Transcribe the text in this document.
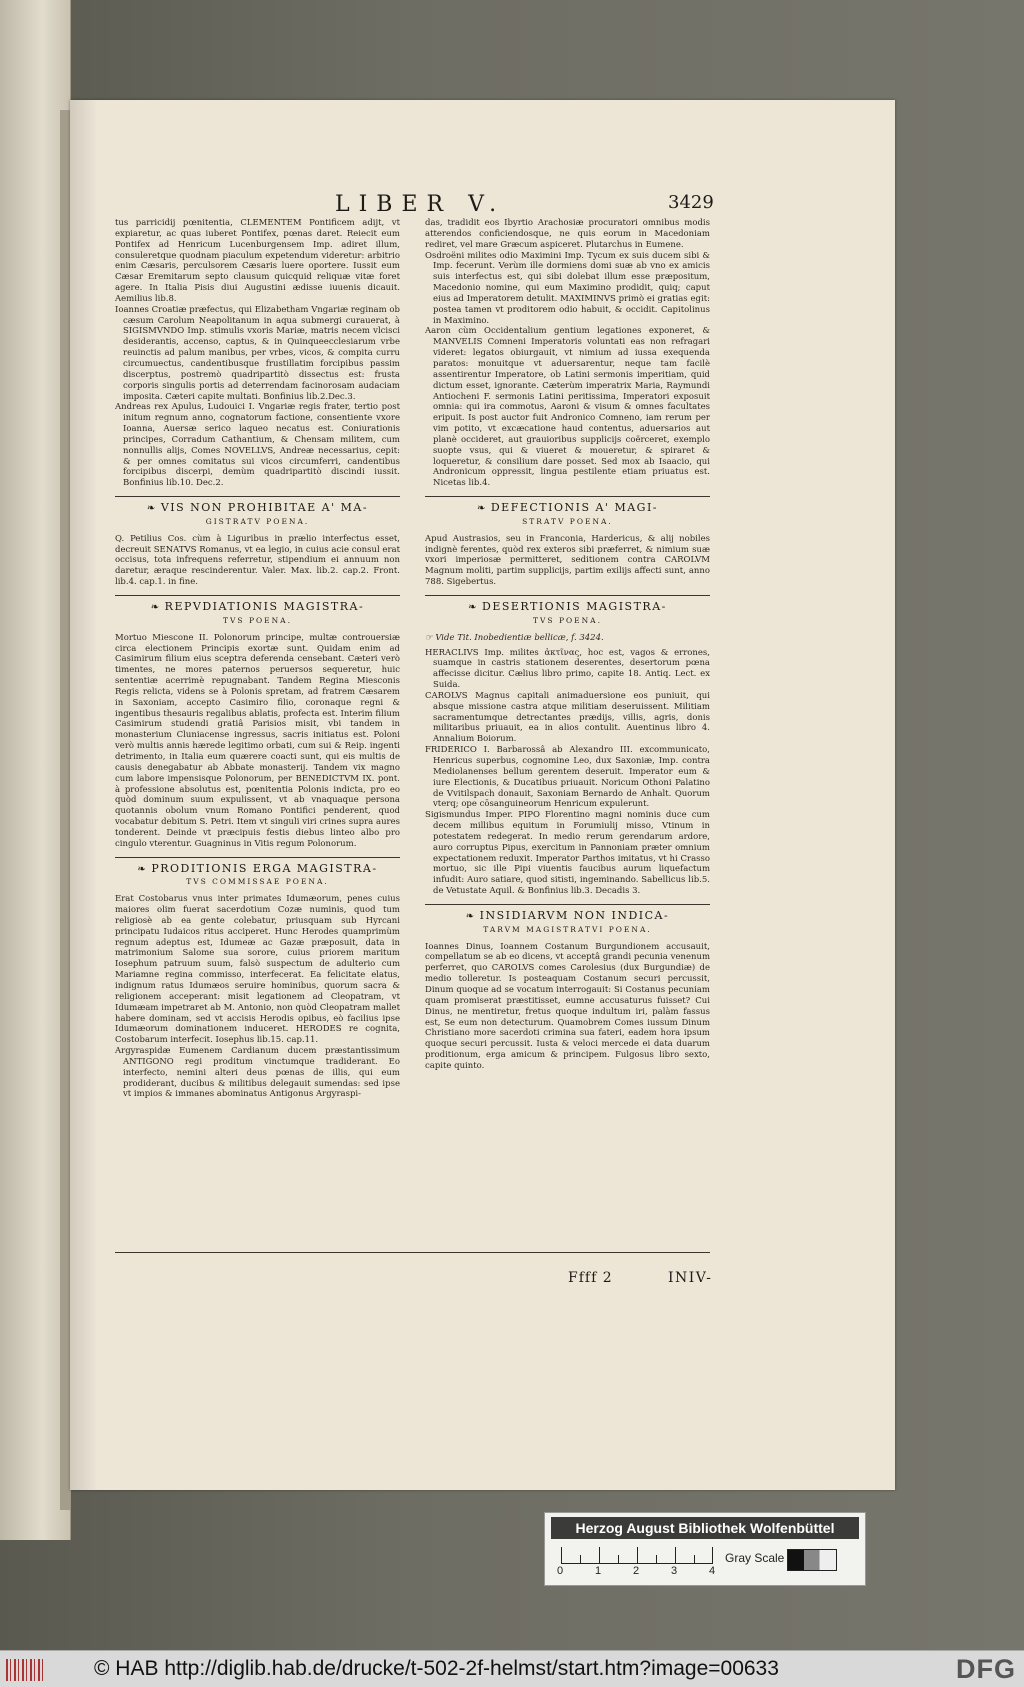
LIBER V.	3429

tus parricidij pœnitentia, CLEMENTEM Pontificem adijt, vt expiaretur, ac quas iuberet Pontifex, pœnas daret. Reiecit eum Pontifex ad Henricum Lucenburgensem Imp. adiret illum, consuleretque quodnam piaculum expetendum videretur: arbitrio enim Cæsaris, perculsorem Cæsaris luere oportere. Iussit eum Cæsar Eremitarum septo clausum quicquid reliquæ vitæ foret agere. In Italia Pisis diui Augustini ædisse iuuenis dicauit. Aemilius lib.8.

Ioannes Croatiæ præfectus, qui Elizabetham Vngariæ reginam ob cæsum Carolum Neapolitanum in aqua submergi curauerat, à SIGISMVNDO Imp. stimulis vxoris Mariæ, matris necem vlcisci desiderantis, accenso, captus, & in Quinqueecclesiarum vrbe reuinctis ad palum manibus, per vrbes, vicos, & compita curru circumuectus, candentibusque frustillatim forcipibus passim discerptus, postremò quadripartitò dissectus est: frusta corporis singulis portis ad deterrendam facinorosam audaciam imposita. Cæteri capite multati. Bonfinius lib.2.Dec.3.

Andreas rex Apulus, Ludouici I. Vngariæ regis frater, tertio post initum regnum anno, cognatorum factione, consentiente vxore Ioanna, Auersæ serico laqueo necatus est. Coniurationis principes, Corradum Cathantium, & Chensam militem, cum nonnullis alijs, Comes NOVELLVS, Andreæ necessarius, cepit: & per omnes comitatus sui vicos circumferri, candentibus forcipibus discerpi, demùm quadripartitò discindi iussit. Bonfinius lib.10. Dec.2.

❧ VIS NON PROHIBITAE A' MA-
GISTRATV POENA.

Q. Petilius Cos. cùm à Liguribus in prælio interfectus esset, decreuit SENATVS Romanus, vt ea legio, in cuius acie consul erat occisus, tota infrequens referretur, stipendium ei annuum non daretur, æraque rescinderentur. Valer. Max. lib.2. cap.2. Front. lib.4. cap.1. in fine.

❧ REPVDIATIONIS MAGISTRA-
TVS POENA.

Mortuo Miescone II. Polonorum principe, multæ controuersiæ circa electionem Principis exortæ sunt. Quidam enim ad Casimirum filium eius sceptra deferenda censebant. Cæteri verò timentes, ne mores paternos peruersos sequeretur, huic sententiæ acerrimè repugnabant. Tandem Regina Miesconis Regis relicta, videns se à Polonis spretam, ad fratrem Cæsarem in Saxoniam, accepto Casimiro filio, coronaque regni & ingentibus thesauris regalibus ablatis, profecta est. Interim filium Casimirum studendi gratiâ Parisios misit, vbi tandem in monasterium Cluniacense ingressus, sacris initiatus est. Poloni verò multis annis hærede legitimo orbati, cum sui & Reip. ingenti detrimento, in Italia eum quærere coacti sunt, qui eis multis de causis denegabatur ab Abbate monasterij. Tandem vix magno cum labore impensisque Polonorum, per BENEDICTVM IX. pont. à professione absolutus est, pœnitentia Polonis indicta, pro eo quòd dominum suum expulissent, vt ab vnaquaque persona quotannis obolum vnum Romano Pontifici penderent, quod vocabatur debitum S. Petri. Item vt singuli viri crines supra aures tonderent. Deinde vt præcipuis festis diebus linteo albo pro cingulo vterentur. Guagninus in Vitis regum Polonorum.

❧ PRODITIONIS ERGA MAGISTRA-
TVS COMMISSAE POENA.

Erat Costobarus vnus inter primates Idumæorum, penes cuius maiores olim fuerat sacerdotium Cozæ numinis, quod tum religiosè ab ea gente colebatur, priusquam sub Hyrcani principatu Iudaicos ritus acciperet. Hunc Herodes quamprimùm regnum adeptus est, Idumeæ ac Gazæ præposuit, data in matrimonium Salome sua sorore, cuius priorem maritum Iosephum patruum suum, falsò suspectum de adulterio cum Mariamne regina commisso, interfecerat. Ea felicitate elatus, indignum ratus Idumæos seruire hominibus, quorum sacra & religionem acceperant: misit legationem ad Cleopatram, vt Idumæam impetraret ab M. Antonio, non quòd Cleopatram mallet habere dominam, sed vt accisis Herodis opibus, eò facilius ipse Idumæorum dominationem induceret. HERODES re cognita, Costobarum interfecit. Iosephus lib.15. cap.11.

Argyraspidæ Eumenem Cardianum ducem præstantissimum ANTIGONO regi proditum vinctumque tradiderant. Eo interfecto, nemini alteri deus pœnas de illis, qui eum prodiderant, ducibus & militibus delegauit sumendas: sed ipse vt impios & immanes abominatus Antigonus Argyraspi-

das, tradidit eos Ibyrtio Arachosiæ procuratori omnibus modis atterendos conficiendosque, ne quis eorum in Macedoniam rediret, vel mare Græcum aspiceret. Plutarchus in Eumene.

Osdroëni milites odio Maximini Imp. Tycum ex suis ducem sibi & Imp. fecerunt. Verùm ille dormiens domi suæ ab vno ex amicis suis interfectus est, qui sibi dolebat illum esse præpositum, Macedonio nomine, qui eum Maximino prodidit, quiq; caput eius ad Imperatorem detulit. MAXIMINVS primò ei gratias egit: postea tamen vt proditorem odio habuit, & occidit. Capitolinus in Maximino.

Aaron cùm Occidentalium gentium legationes exponeret, & MANVELIS Comneni Imperatoris voluntati eas non refragari videret: legatos obiurgauit, vt nimium ad iussa exequenda paratos: monuitque vt aduersarentur, neque tam facilè assentirentur Imperatore, ob Latini sermonis imperitiam, quid dictum esset, ignorante. Cæterùm imperatrix Maria, Raymundi Antiocheni F. sermonis Latini peritissima, Imperatori exposuit omnia: qui ira commotus, Aaroni & visum & omnes facultates eripuit. Is post auctor fuit Andronico Comneno, iam rerum per vim potito, vt excæcatione haud contentus, aduersarios aut planè occideret, aut grauioribus supplicijs coërceret, exemplo suopte vsus, qui & viueret & moueretur, & spiraret & loqueretur, & consilium dare posset. Sed mox ab Isaacio, qui Andronicum oppressit, lingua pestilente etiam priuatus est. Nicetas lib.4.

❧ DEFECTIONIS A' MAGI-
STRATV POENA.

Apud Austrasios, seu in Franconia, Hardericus, & alij nobiles indignè ferentes, quòd rex exteros sibi præferret, & nimium suæ vxori imperiosæ permitteret, seditionem contra CAROLVM Magnum moliti, partim supplicijs, partim exilijs affecti sunt, anno 788. Sigebertus.

❧ DESERTIONIS MAGISTRA-
TVS POENA.
☞ Vide Tit. Inobedientiæ bellicæ, f. 3424.

HERACLIVS Imp. milites ἀκτῖνας, hoc est, vagos & errones, suamque in castris stationem deserentes, desertorum pœna affecisse dicitur. Cælius libro primo, capite 18. Antiq. Lect. ex Suida.

CAROLVS Magnus capitali animaduersione eos puniuit, qui absque missione castra atque militiam deseruissent. Militiam sacramentumque detrectantes prædijs, villis, agris, donis militaribus priuauit, ea in alios contulit. Auentinus libro 4. Annalium Boiorum.

FRIDERICO I. Barbarossâ ab Alexandro III. excommunicato, Henricus superbus, cognomine Leo, dux Saxoniæ, Imp. contra Mediolanenses bellum gerentem deseruit. Imperator eum & iure Electionis, & Ducatibus priuauit. Noricum Othoni Palatino de Vvitilspach donauit, Saxoniam Bernardo de Anhalt. Quorum vterq; ope cōsanguineorum Henricum expulerunt.

Sigismundus Imper. PIPO Florentino magni nominis duce cum decem millibus equitum in Forumiulij misso, Vtinum in potestatem redegerat. In medio rerum gerendarum ardore, auro corruptus Pipus, exercitum in Pannoniam præter omnium expectationem reduxit. Imperator Parthos imitatus, vt hi Crasso mortuo, sic ille Pipi viuentis faucibus aurum liquefactum infudit: Auro satiare, quod sitisti, ingeminando. Sabellicus lib.5. de Vetustate Aquil. & Bonfinius lib.3. Decadis 3.

❧ INSIDIARVM NON INDICA-
TARVM MAGISTRATVI POENA.

Ioannes Dinus, Ioannem Costanum Burgundionem accusauit, compellatum se ab eo dicens, vt acceptâ grandi pecunia venenum perferret, quo CAROLVS comes Carolesius (dux Burgundiæ) de medio tolleretur. Is posteaquam Costanum securi percussit, Dinum quoque ad se vocatum interrogauit: Si Costanus pecuniam quam promiserat præstitisset, eumne accusaturus fuisset? Cui Dinus, ne mentiretur, fretus quoque indultum iri, palàm fassus est, Se eum non detecturum. Quamobrem Comes iussum Dinum Christiano more sacerdoti crimina sua fateri, eadem hora ipsum quoque securi percussit. Iusta & veloci mercede ei data duarum proditionum, erga amicum & principem. Fulgosus libro sexto, capite quinto.

Ffff 2	INIV-
Herzog August Bibliothek Wolfenbüttel
0	1	2	3	4
Gray Scale
© HAB http://diglib.hab.de/drucke/t-502-2f-helmst/start.htm?image=00633	DFG
